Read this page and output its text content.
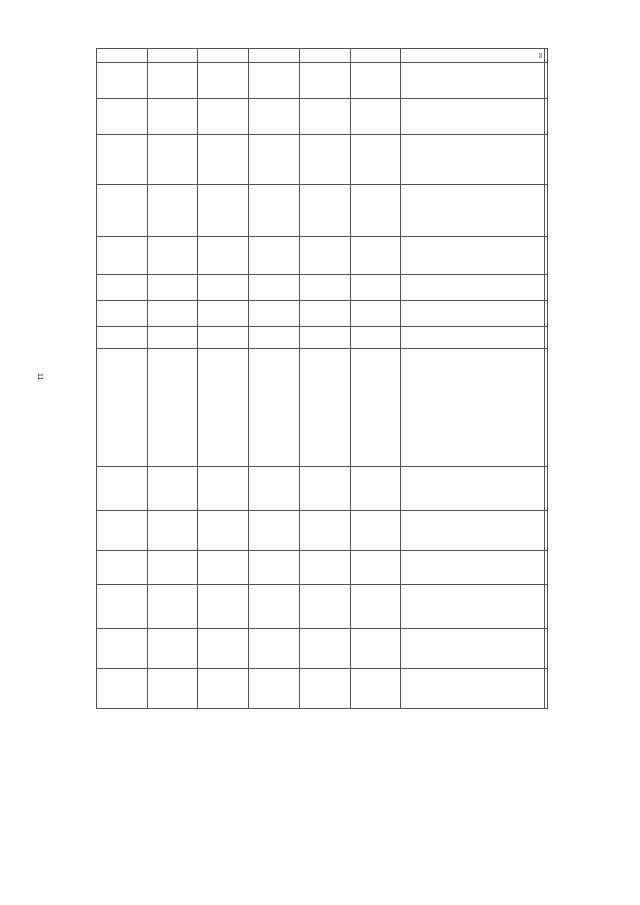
11

20															
